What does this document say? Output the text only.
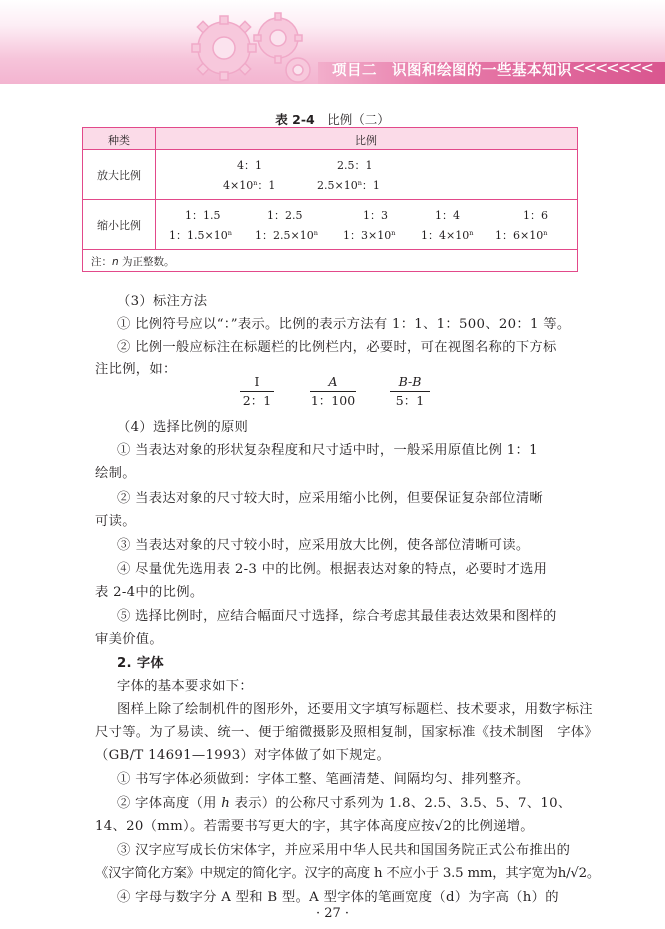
项目二　识图和绘图的一些基本知识 <<<<<<<
表 2-4　 比例（二）
种类	比例
放大比例
4：1	2.5：1
$4\times 10^n$：1	$2.5\times 10^n$：1
缩小比例
1：1.5	1：2.5	1：3	1：4	1：6
1：$1.5\times 10^n$ 1：$2.5\times 10^n$ 1：$3\times 10^n$ 1：$4\times 10^n$ 1：$6\times 10^n$
注：n 为正整数。
（3）标注方法
① 比例符号应以“：”表示。比例的表示方法有 1：1、1：500、20：1 等。
② 比例一般应标注在标题栏的比例栏内，必要时，可在视图名称的下方标
注比例，如：
Ⅰ
2：1
A
1：100
B-B
5：1
（4）选择比例的原则
① 当表达对象的形状复杂程度和尺寸适中时，一般采用原值比例 1：1
绘制。
② 当表达对象的尺寸较大时，应采用缩小比例，但要保证复杂部位清晰
可读。
③ 当表达对象的尺寸较小时，应采用放大比例，使各部位清晰可读。
④ 尽量优先选用表 2-3 中的比例。根据表达对象的特点，必要时才选用
表 2-4中的比例。
⑤ 选择比例时，应结合幅面尺寸选择，综合考虑其最佳表达效果和图样的
审美价值。
2. 字体
字体的基本要求如下：
图样上除了绘制机件的图形外，还要用文字填写标题栏、技术要求，用数字标注
尺寸等。为了易读、统一、便于缩微摄影及照相复制，国家标准《技术制图　字体》
（GB/T 14691—1993）对字体做了如下规定。
① 书写字体必须做到：字体工整、笔画清楚、间隔均匀、排列整齐。
② 字体高度（用 h 表示）的公称尺寸系列为 1.8、2.5、3.5、5、7、10、
14、20（mm）。若需要书写更大的字，其字体高度应按√2的比例递增。
③ 汉字应写成长仿宋体字，并应采用中华人民共和国国务院正式公布推出的
《汉字简化方案》中规定的简化字。汉字的高度 h 不应小于 3.5 mm，其字宽为h/√2。
④ 字母与数字分 A 型和 B 型。A 型字体的笔画宽度（d）为字高（h）的
· 27 ·
